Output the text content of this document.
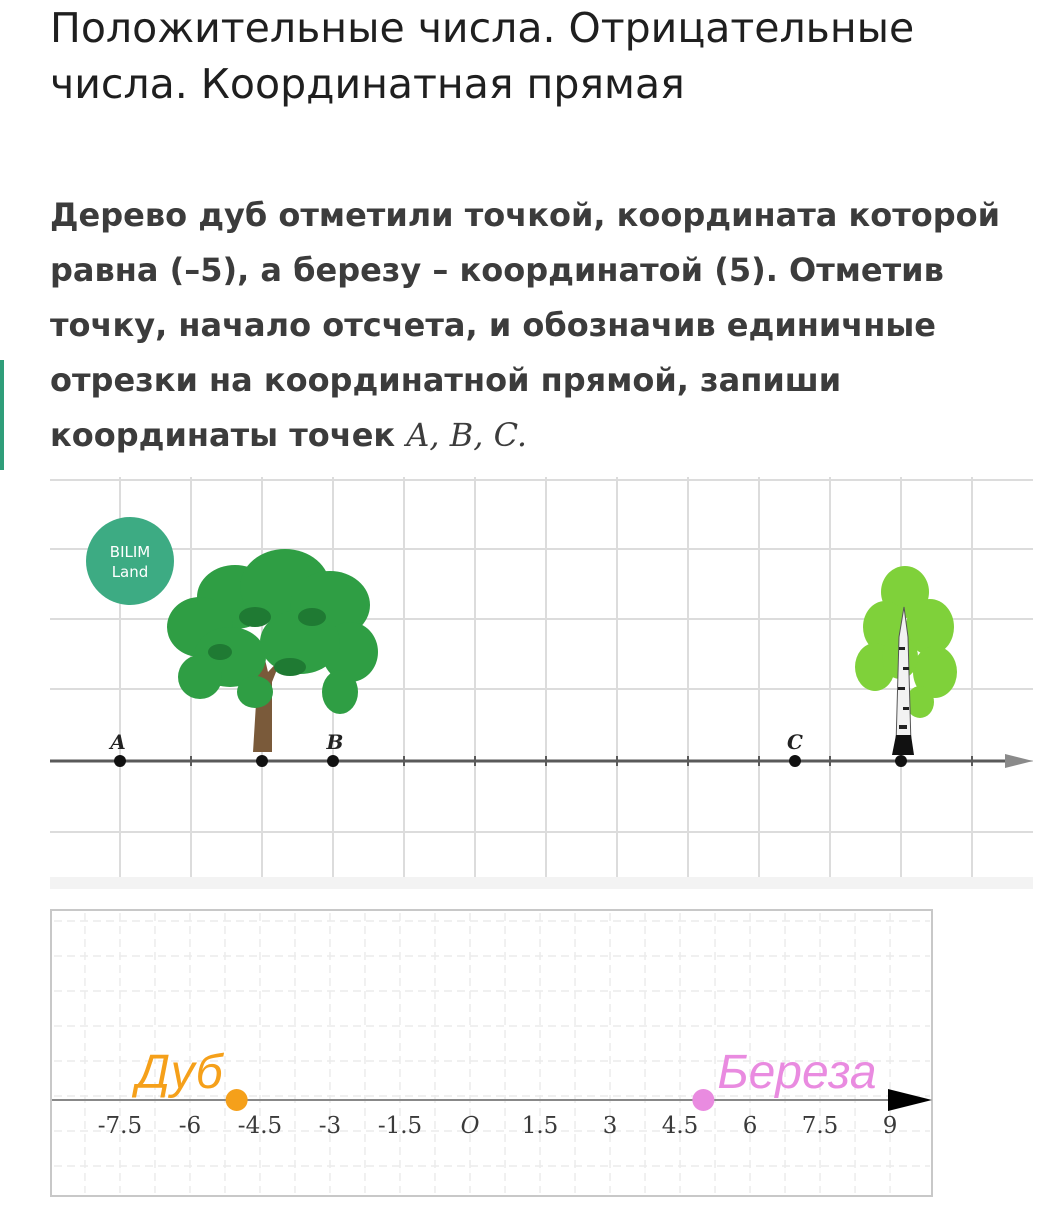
Положительные числа. Отрицательные числа. Координатная прямая

Дерево дуб отметили точкой, координата которой равна (–5), а березу – координатой (5). Отметив точку, начало отсчета, и обозначив единичные отрезки на координатной прямой, запиши координаты точек A, B, C.

BILIM
Land
A	B	C
-7.5 -6 -4.5 -3 -1.5 O 1.5 3 4.5 6 7.5 9
Дуб	Береза
